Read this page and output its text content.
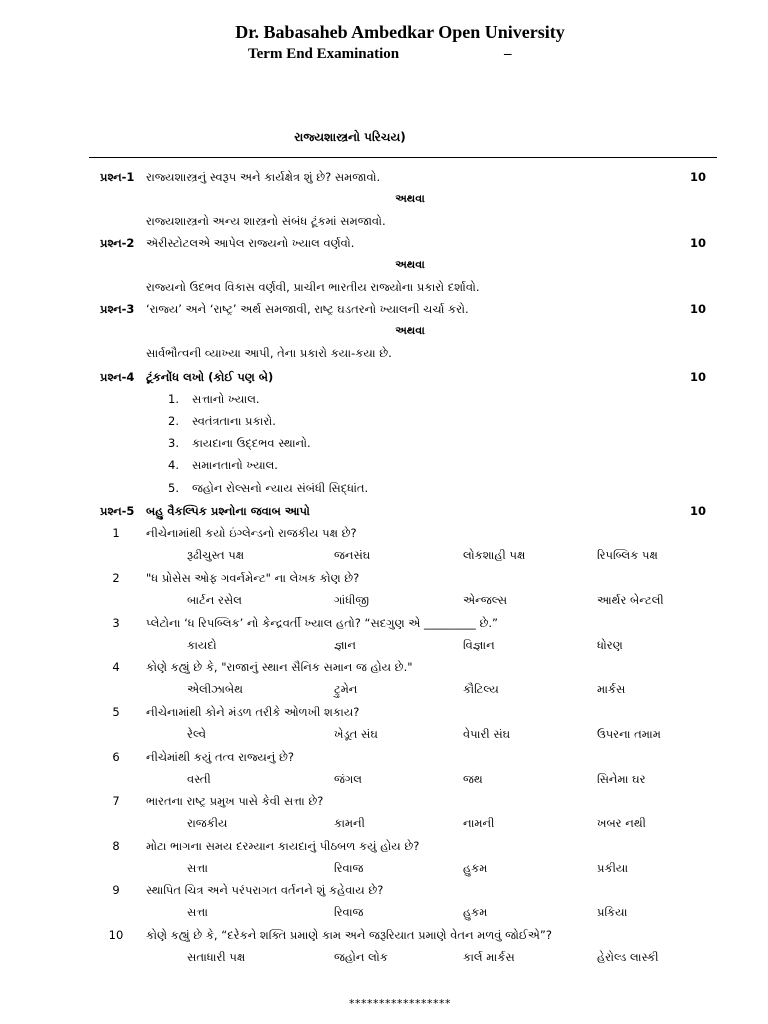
Dr. Babasaheb Ambedkar Open University
Term End Examination	–
રાજ્યશાસ્ત્રનો પરિચય)
પ્રશ્ન-1 રાજ્યશાસ્ત્રનું સ્વરૂપ અને કાર્યક્ષેત્ર શું છે? સમજાવો.	10
અથવા
રાજ્યશાસ્ત્રનો અન્ય શાસ્ત્રનો સંબંધ ટૂંકમાં સમજાવો.
પ્રશ્ન-2 ઍરીસ્ટોટલએ આપેલ રાજ્યનો ખ્યાલ વર્ણવો.	10
અથવા
રાજ્યનો ઉદભવ વિકાસ વર્ણવી, પ્રાચીન ભારતીય રાજ્યોના પ્રકારો દર્શાવો.
પ્રશ્ન-3 ‘રાજ્ય’ અને ‘રાષ્ટ્ર’ અર્થ સમજાવી, રાષ્ટ્ર ઘડતરનો ખ્યાલની ચર્ચા કરો.	10
અથવા
સાર્વભૌત્વની વ્યાખ્યા આપી, તેના પ્રકારો કયા-કયા છે.
પ્રશ્ન-4 ટૂંકનોંધ લખો (કોઈ પણ બે)	10
1. સત્તાનો ખ્યાલ.
2. સ્વતંત્રતાના પ્રકારો.
3. કાયદાના ઉદ્દભવ સ્થાનો.
4. સમાનતાનો ખ્યાલ.
5. જહોન રોલ્સનો ન્યાય સંબંધી સિદ્ધાંત.
પ્રશ્ન-5 બહુ વૈકલ્પિક પ્રશ્નોના જવાબ આપો	10
1	નીચેનામાંથી કયો ઇંગ્લેન્ડનો રાજકીય પક્ષ છે?
રૂઢીચુસ્ત પક્ષ	જનસંઘ	લોકશાહી પક્ષ	રિપબ્લિક પક્ષ
2	"ધ પ્રોસેસ ઓફ ગવર્નમેન્ટ" ના લેખક કોણ છે?
બાર્ટન રસેલ	ગાંધીજી	એન્જલ્સ	આર્થર બેન્ટલી
3	પ્લેટોના ‘ધ રિપબ્લિક’ નો કેન્દ્રવર્તી ખ્યાલ હતો? “સદગુણ એ _________ છે.”
કાયદો	જ્ઞાન	વિજ્ઞાન	ધોરણ
4	કોણે કહ્યું છે કે, "રાજાનું સ્થાન સૈનિક સમાન જ હોય છે."
એલીઝાબેથ	ટ્રુમેન	કૌટિલ્ય	માર્કસ
5	નીચેનામાંથી કોને મંડળ તરીકે ઓળખી શકાય?
રેલ્વે	ખેડૂત સંઘ	વેપારી સંઘ	ઉપરના તમામ
6	નીચેમાંથી કયું તત્વ રાજ્યનું છે?
વસ્તી	જંગલ	જથ	સિનેમા ઘર
7	ભારતના રાષ્ટ્ર પ્રમુખ પાસે કેવી સત્તા છે?
રાજકીય	કામની	નામની	ખબર નથી
8	મોટા ભાગના સમય દરમ્યાન કાયદાનું પીઠબળ કયું હોય છે?
સત્તા	રિવાજ	હુકમ	પ્રકીયા
9	સ્થાપિત ચિત્ર અને પરંપરાગત વર્તનને શું કહેવાય છે?
સત્તા	રિવાજ	હુકમ	પ્રકિયા
10 કોણે કહ્યું છે કે, “દરેકને શક્તિ પ્રમાણે કામ અને જરૂરિયાત પ્રમાણે વેતન મળવું જોઈએ”?
સતાધારી પક્ષ	જહોન લોક	કાર્લ માર્કસ	હેરોલ્ડ લાસ્કી
*****************
